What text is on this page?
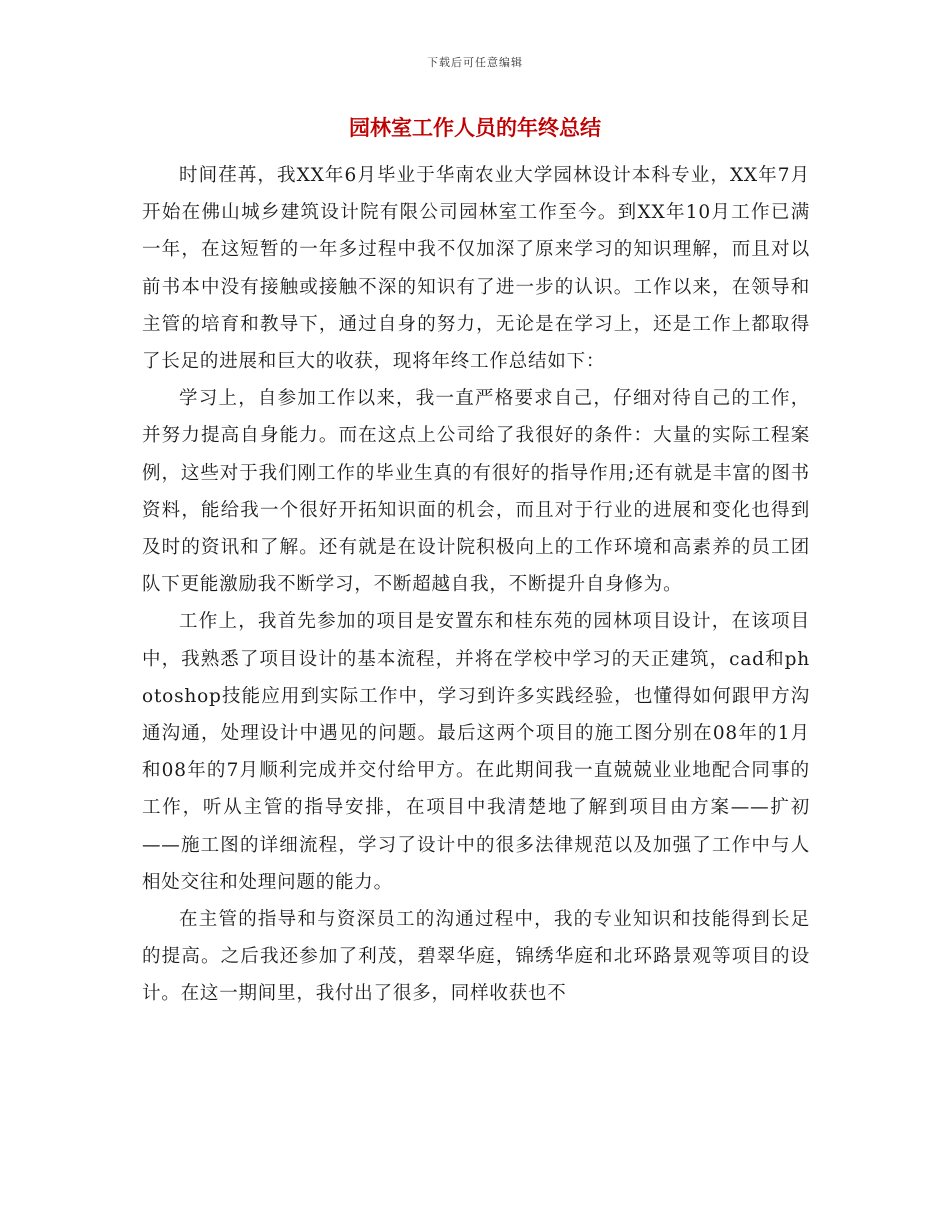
下载后可任意编辑
园林室工作人员的年终总结

时间荏苒，我XX年6月毕业于华南农业大学园林设计本科专业，XX年7月开始在佛山城乡建筑设计院有限公司园林室工作至今。到XX年10月工作已满一年，在这短暂的一年多过程中我不仅加深了原来学习的知识理解，而且对以前书本中没有接触或接触不深的知识有了进一步的认识。工作以来，在领导和主管的培育和教导下，通过自身的努力，无论是在学习上，还是工作上都取得了长足的进展和巨大的收获，现将年终工作总结如下：

学习上，自参加工作以来，我一直严格要求自己，仔细对待自己的工作，并努力提高自身能力。而在这点上公司给了我很好的条件：大量的实际工程案例，这些对于我们刚工作的毕业生真的有很好的指导作用;还有就是丰富的图书资料，能给我一个很好开拓知识面的机会，而且对于行业的进展和变化也得到及时的资讯和了解。还有就是在设计院积极向上的工作环境和高素养的员工团队下更能激励我不断学习，不断超越自我，不断提升自身修为。

工作上，我首先参加的项目是安置东和桂东苑的园林项目设计，在该项目中，我熟悉了项目设计的基本流程，并将在学校中学习的天正建筑，cad和photoshop技能应用到实际工作中，学习到许多实践经验，也懂得如何跟甲方沟通沟通，处理设计中遇见的问题。最后这两个项目的施工图分别在08年的1月和08年的7月顺利完成并交付给甲方。在此期间我一直兢兢业业地配合同事的工作，听从主管的指导安排，在项目中我清楚地了解到项目由方案——扩初——施工图的详细流程，学习了设计中的很多法律规范以及加强了工作中与人相处交往和处理问题的能力。

在主管的指导和与资深员工的沟通过程中，我的专业知识和技能得到长足的提高。之后我还参加了利茂，碧翠华庭，锦绣华庭和北环路景观等项目的设计。在这一期间里，我付出了很多，同样收获也不
